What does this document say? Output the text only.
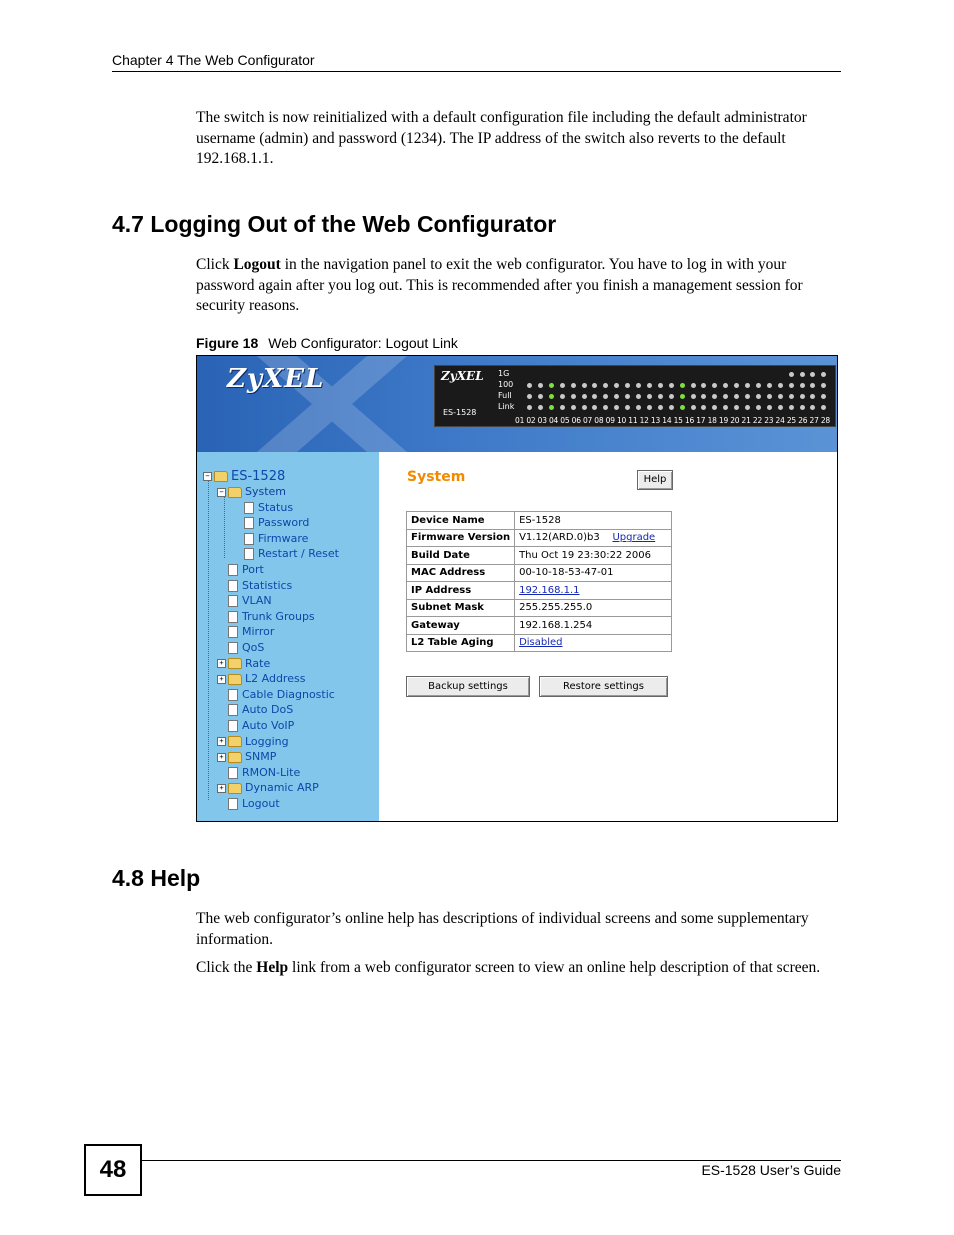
Chapter 4 The Web Configurator
The switch is now reinitialized with a default configuration file including the default administrator username (admin) and password (1234). The IP address of the switch also reverts to the default 192.168.1.1.
4.7 Logging Out of the Web Configurator
Click Logout in the navigation panel to exit the web configurator. You have to log in with your password again after you log out. This is recommended after you finish a management session for security reasons.
Figure 18 Web Configurator: Logout Link
ZyXEL	ZyXEL
ES-1528
1G
100
Full
Link
01 02 03 04 05 06 07 08 09 10 11 12 13 14 15 16 17 18 19 20 21 22 23 24 25 26 27 28
− ES-1528
− System
Status
Password
Firmware
Restart / Reset
Port
Statistics
VLAN
Trunk Groups
Mirror
QoS
+ Rate
+ L2 Address
Cable Diagnostic
Auto DoS
Auto VoIP
+ Logging
+ SNMP
RMON-Lite
+ Dynamic ARP
Logout
System	Help
Device Name	ES-1528
Firmware Version	V1.12(ARD.0)b3 Upgrade
Build Date	Thu Oct 19 23:30:22 2006
MAC Address	00-10-18-53-47-01
IP Address	192.168.1.1
Subnet Mask	255.255.255.0
Gateway	192.168.1.254
L2 Table Aging	Disabled
Backup settings	Restore settings
4.8 Help
The web configurator’s online help has descriptions of individual screens and some supplementary information.
Click the Help link from a web configurator screen to view an online help description of that screen.
48	ES-1528 User’s Guide
